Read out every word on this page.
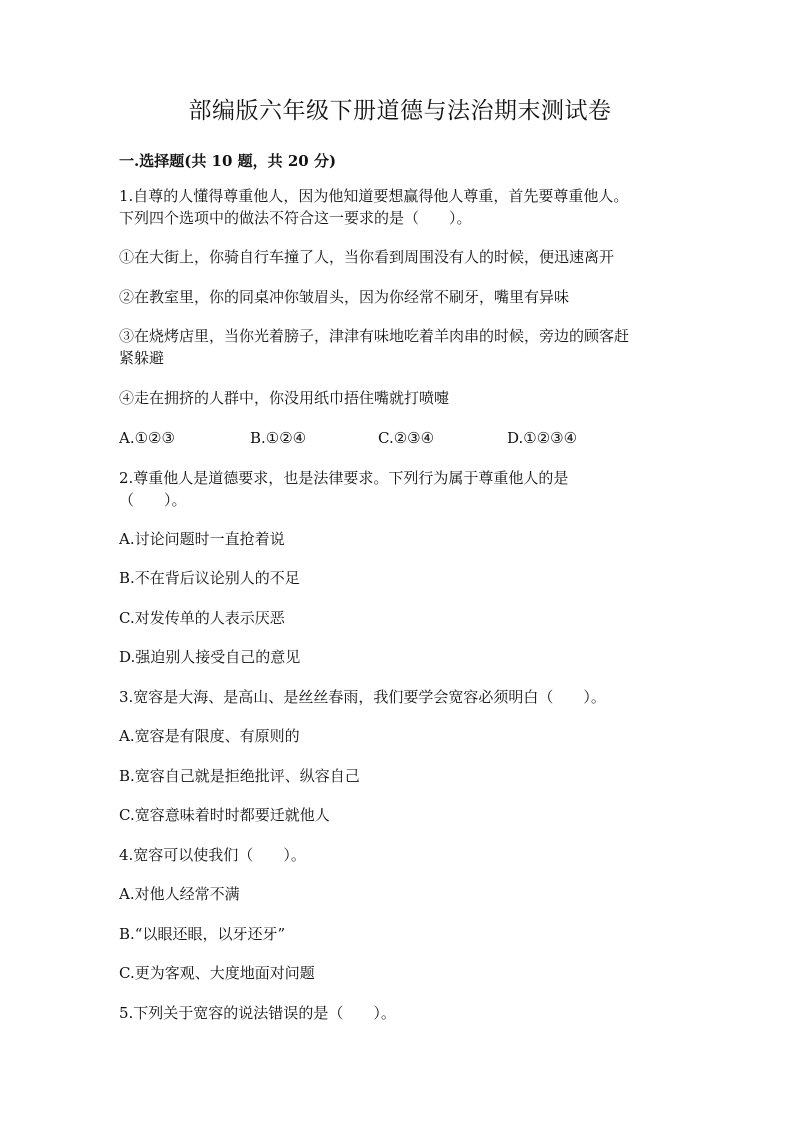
部编版六年级下册道德与法治期末测试卷
一.选择题(共 10 题，共 20 分)

1.自尊的人懂得尊重他人，因为他知道要想赢得他人尊重，首先要尊重他人。

下列四个选项中的做法不符合这一要求的是（　　）。

①在大街上，你骑自行车撞了人，当你看到周围没有人的时候，便迅速离开

②在教室里，你的同桌冲你皱眉头，因为你经常不刷牙，嘴里有异味

③在烧烤店里，当你光着膀子，津津有味地吃着羊肉串的时候，旁边的顾客赶

紧躲避

④走在拥挤的人群中，你没用纸巾捂住嘴就打喷嚏

A.①②③	B.①②④	C.②③④	D.①②③④

2.尊重他人是道德要求，也是法律要求。下列行为属于尊重他人的是

（　　）。

A.讨论问题时一直抢着说

B.不在背后议论别人的不足

C.对发传单的人表示厌恶

D.强迫别人接受自己的意见

3.宽容是大海、是高山、是丝丝春雨，我们要学会宽容必须明白（　　）。

A.宽容是有限度、有原则的

B.宽容自己就是拒绝批评、纵容自己

C.宽容意味着时时都要迁就他人

4.宽容可以使我们（　　）。

A.对他人经常不满

B.“以眼还眼，以牙还牙”

C.更为客观、大度地面对问题

5.下列关于宽容的说法错误的是（　　）。
